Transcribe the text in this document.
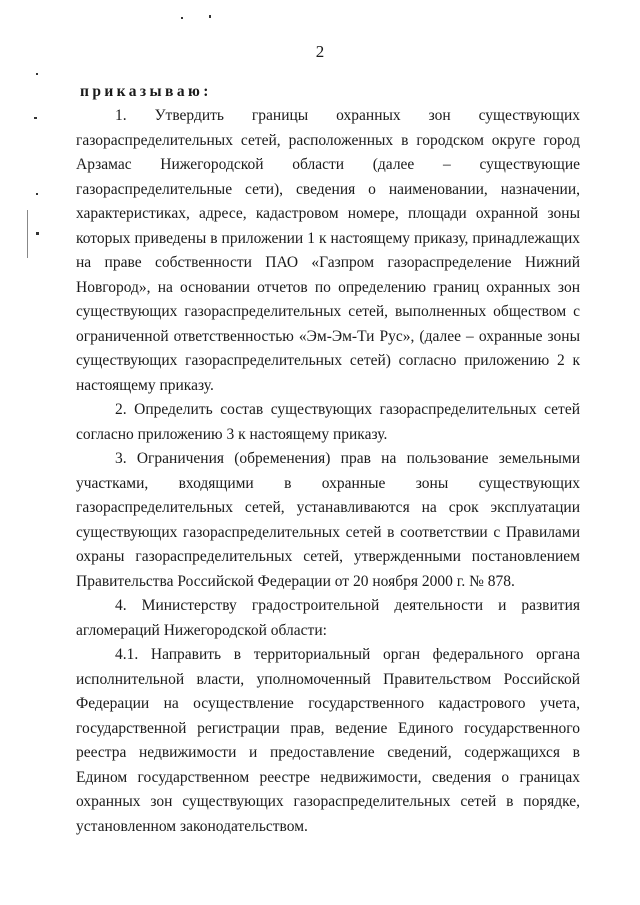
2
приказываю:

1. Утвердить границы охранных зон существующих газораспределительных сетей, расположенных в городском округе город Арзамас Нижегородской области (далее – существующие газораспределительные сети), сведения о наименовании, назначении, характеристиках, адресе, кадастровом номере, площади охранной зоны которых приведены в приложении 1 к настоящему приказу, принадлежащих на праве собственности ПАО «Газпром газораспределение Нижний Новгород», на основании отчетов по определению границ охранных зон существующих газораспределительных сетей, выполненных обществом с ограниченной ответственностью «Эм-Эм-Ти Рус», (далее – охранные зоны существующих газораспределительных сетей) согласно приложению 2 к настоящему приказу.

2. Определить состав существующих газораспределительных сетей согласно приложению 3 к настоящему приказу.

3. Ограничения (обременения) прав на пользование земельными участками, входящими в охранные зоны существующих газораспределительных сетей, устанавливаются на срок эксплуатации существующих газораспределительных сетей в соответствии с Правилами охраны газораспределительных сетей, утвержденными постановлением Правительства Российской Федерации от 20 ноября 2000 г. № 878.

4. Министерству градостроительной деятельности и развития агломераций Нижегородской области:

4.1. Направить в территориальный орган федерального органа исполнительной власти, уполномоченный Правительством Российской Федерации на осуществление государственного кадастрового учета, государственной регистрации прав, ведение Единого государственного реестра недвижимости и предоставление сведений, содержащихся в Едином государственном реестре недвижимости, сведения о границах охранных зон существующих газораспределительных сетей в порядке, установленном законодательством.
